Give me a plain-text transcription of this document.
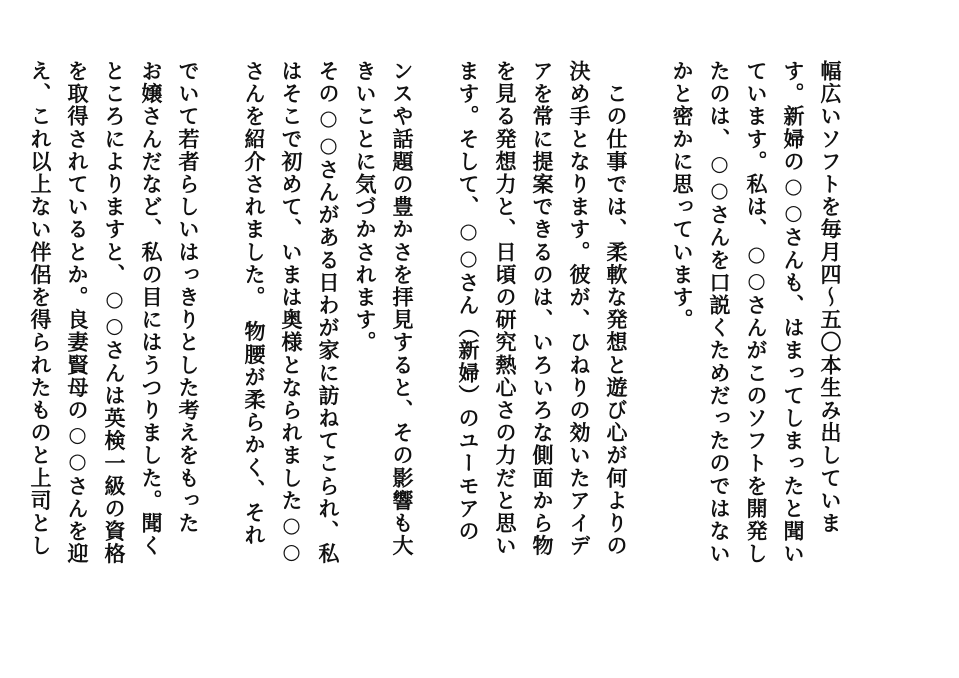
幅広いソフトを毎月四〜五〇本生み出していま
す。新婦の○○さんも、はまってしまったと聞い
ています。私は、○○さんがこのソフトを開発し
たのは、○○さんを口説くためだったのではない
かと密かに思っています。
　この仕事では、柔軟な発想と遊び心が何よりの
決め手となります。彼が、ひねりの効いたアイデ
アを常に提案できるのは、いろいろな側面から物
を見る発想力と、日頃の研究熱心さの力だと思い
ます。そして、○○さん（新婦）のユーモアの
ンスや話題の豊かさを拝見すると、その影響も大
きいことに気づかされます。
その○○さんがある日わが家に訪ねてこられ、私
はそこで初めて、いまは奥様となられました○○
さんを紹介されました。　物腰が柔らかく、それ
でいて若者らしいはっきりとした考えをもった
お嬢さんだなど、私の目にはうつりました。聞く
ところによりますと、○○さんは英検一級の資格
を取得されているとか。良妻賢母の○○さんを迎
え、これ以上ない伴侶を得られたものと上司とし
